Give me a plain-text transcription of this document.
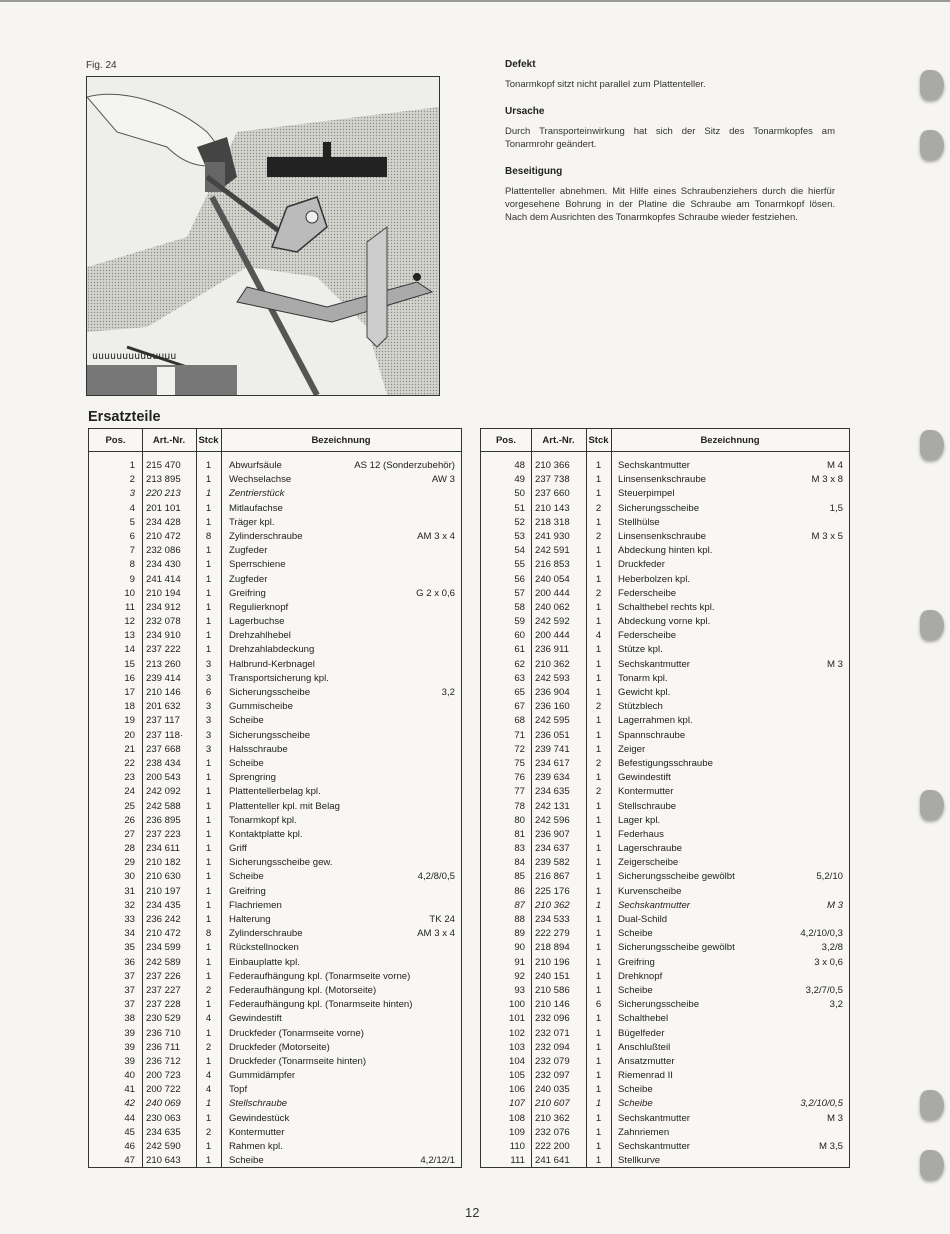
Fig. 24
uuuuuuuuuuuuuu
Defekt

Tonarmkopf sitzt nicht parallel zum Plattenteller.

Ursache

Durch Transporteinwirkung hat sich der Sitz des Tonarmkopfes am Tonarmrohr geändert.

Beseitigung

Plattenteller abnehmen. Mit Hilfe eines Schraubenziehers durch die hierfür vorgesehene Bohrung in der Platine die Schraube am Tonarmkopf lösen. Nach dem Ausrichten des Tonarmkopfes Schraube wieder festziehen.

Ersatzteile
Pos.	Art.-Nr.	Stck	Bezeichnung
1 215 470	1	Abwurfsäule	AS 12 (Sonderzubehör)
2 213 895	1	Wechselachse	AW 3
3 220 213	1	Zentrierstück
4 201 101	1	Mitlaufachse
5 234 428	1	Träger kpl.
6 210 472	8	Zylinderschraube	AM 3 x 4
7 232 086	1	Zugfeder
8 234 430	1	Sperrschiene
9 241 414	1	Zugfeder
10 210 194	1	Greifring	G 2 x 0,6
11 234 912	1	Regulierknopf
12 232 078	1	Lagerbuchse
13 234 910	1	Drehzahlhebel
14 237 222	1	Drehzahlabdeckung
15 213 260	3	Halbrund-Kerbnagel
16 239 414	3	Transportsicherung kpl.
17 210 146	6	Sicherungsscheibe	3,2
18 201 632	3	Gummischeibe
19 237 117	3	Scheibe
20 237 118·	3	Sicherungsscheibe
21 237 668	3	Halsschraube
22 238 434	1	Scheibe
23 200 543	1	Sprengring
24 242 092	1	Plattentellerbelag kpl.
25 242 588	1	Plattenteller kpl. mit Belag
26 236 895	1	Tonarmkopf kpl.
27 237 223	1	Kontaktplatte kpl.
28 234 611	1	Griff
29 210 182	1	Sicherungsscheibe gew.
30 210 630	1	Scheibe	4,2/8/0,5
31 210 197	1	Greifring
32 234 435	1	Flachriemen
33 236 242	1	Halterung	TK 24
34 210 472	8	Zylinderschraube	AM 3 x 4
35 234 599	1	Rückstellnocken
36 242 589	1	Einbauplatte kpl.
37 237 226	1	Federaufhängung kpl. (Tonarmseite vorne)
37 237 227	2	Federaufhängung kpl. (Motorseite)
37 237 228	1	Federaufhängung kpl. (Tonarmseite hinten)
38 230 529	4	Gewindestift
39 236 710	1	Druckfeder (Tonarmseite vorne)
39 236 711	2	Druckfeder (Motorseite)
39 236 712	1	Druckfeder (Tonarmseite hinten)
40 200 723	4	Gummidämpfer
41 200 722	4	Topf
42 240 069	1	Stellschraube
44 230 063	1	Gewindestück
45 234 635	2	Kontermutter
46 242 590	1	Rahmen kpl.
47 210 643	1	Scheibe	4,2/12/1
Pos.	Art.-Nr.	Stck	Bezeichnung
48 210 366	1	Sechskantmutter	M 4
49 237 738	1	Linsensenkschraube	M 3 x 8
50 237 660	1	Steuerpimpel
51 210 143	2	Sicherungsscheibe	1,5
52 218 318	1	Stellhülse
53 241 930	2	Linsensenkschraube	M 3 x 5
54 242 591	1	Abdeckung hinten kpl.
55 216 853	1	Druckfeder
56 240 054	1	Heberbolzen kpl.
57 200 444	2	Federscheibe
58 240 062	1	Schalthebel rechts kpl.
59 242 592	1	Abdeckung vorne kpl.
60 200 444	4	Federscheibe
61 236 911	1	Stütze kpl.
62 210 362	1	Sechskantmutter	M 3
63 242 593	1	Tonarm kpl.
65 236 904	1	Gewicht kpl.
67 236 160	2	Stützblech
68 242 595	1	Lagerrahmen kpl.
71 236 051	1	Spannschraube
72 239 741	1	Zeiger
75 234 617	2	Befestigungsschraube
76 239 634	1	Gewindestift
77 234 635	2	Kontermutter
78 242 131	1	Stellschraube
80 242 596	1	Lager kpl.
81 236 907	1	Federhaus
83 234 637	1	Lagerschraube
84 239 582	1	Zeigerscheibe
85 216 867	1	Sicherungsscheibe gewölbt	5,2/10
86 225 176	1	Kurvenscheibe
87 210 362	1	Sechskantmutter	M 3
88 234 533	1	Dual-Schild
89 222 279	1	Scheibe	4,2/10/0,3
90 218 894	1	Sicherungsscheibe gewölbt	3,2/8
91 210 196	1	Greifring	3 x 0,6
92 240 151	1	Drehknopf
93 210 586	1	Scheibe	3,2/7/0,5
100 210 146	6	Sicherungsscheibe	3,2
101 232 096	1	Schalthebel
102 232 071	1	Bügelfeder
103 232 094	1	Anschlußteil
104 232 079	1	Ansatzmutter
105 232 097	1	Riemenrad II
106 240 035	1	Scheibe
107 210 607	1	Scheibe	3,2/10/0,5
108 210 362	1	Sechskantmutter	M 3
109 232 076	1	Zahnriemen
110 222 200	1	Sechskantmutter	M 3,5
111 241 641	1	Stellkurve
12
